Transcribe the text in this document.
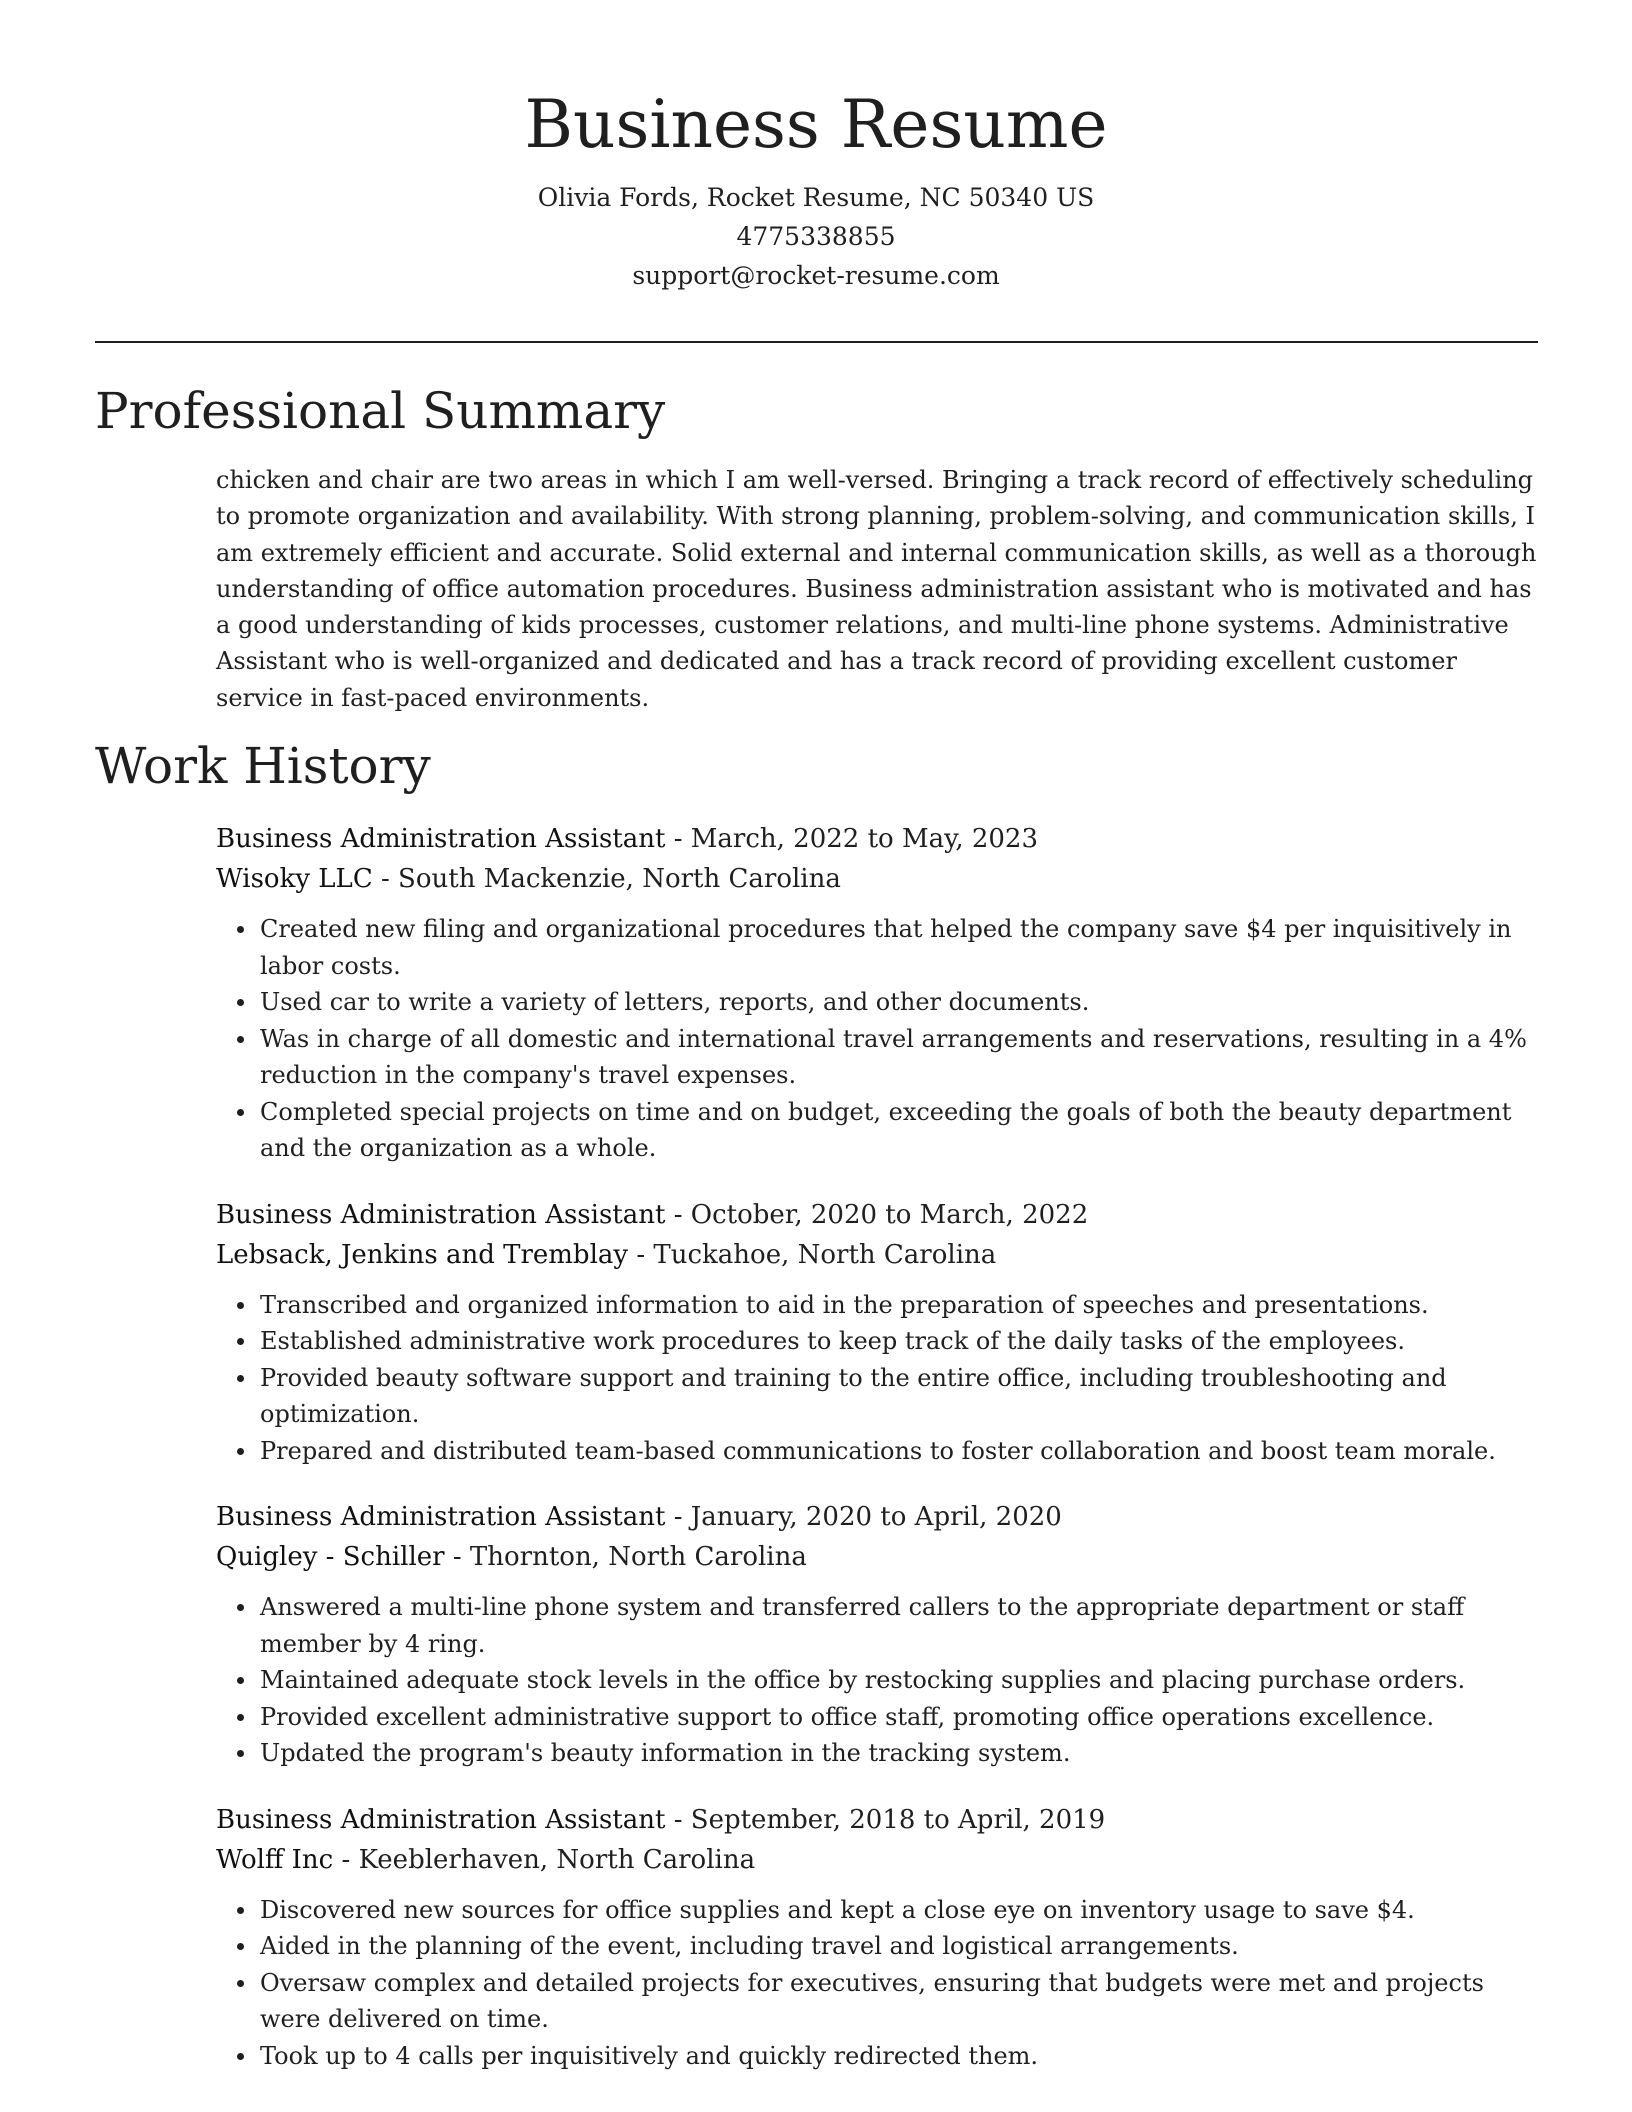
Business Resume
Olivia Fords, Rocket Resume, NC 50340 US
4775338855
support@rocket-resume.com
Professional Summary

chicken and chair are two areas in which I am well-versed. Bringing a track record of effectively scheduling to promote organization and availability. With strong planning, problem-solving, and communication skills, I am extremely efficient and accurate. Solid external and internal communication skills, as well as a thorough understanding of office automation procedures. Business administration assistant who is motivated and has a good understanding of kids processes, customer relations, and multi-line phone systems. Administrative Assistant who is well-organized and dedicated and has a track record of providing excellent customer service in fast-paced environments.

Work History
Business Administration Assistant - March, 2022 to May, 2023
Wisoky LLC - South Mackenzie, North Carolina
Created new filing and organizational procedures that helped the company save $4 per inquisitively in labor costs.
Used car to write a variety of letters, reports, and other documents.
Was in charge of all domestic and international travel arrangements and reservations, resulting in a 4% reduction in the company's travel expenses.
Completed special projects on time and on budget, exceeding the goals of both the beauty department and the organization as a whole.
Business Administration Assistant - October, 2020 to March, 2022
Lebsack, Jenkins and Tremblay - Tuckahoe, North Carolina
Transcribed and organized information to aid in the preparation of speeches and presentations.
Established administrative work procedures to keep track of the daily tasks of the employees.
Provided beauty software support and training to the entire office, including troubleshooting and optimization.
Prepared and distributed team-based communications to foster collaboration and boost team morale.
Business Administration Assistant - January, 2020 to April, 2020
Quigley - Schiller - Thornton, North Carolina
Answered a multi-line phone system and transferred callers to the appropriate department or staff member by 4 ring.
Maintained adequate stock levels in the office by restocking supplies and placing purchase orders.
Provided excellent administrative support to office staff, promoting office operations excellence.
Updated the program's beauty information in the tracking system.
Business Administration Assistant - September, 2018 to April, 2019
Wolff Inc - Keeblerhaven, North Carolina
Discovered new sources for office supplies and kept a close eye on inventory usage to save $4.
Aided in the planning of the event, including travel and logistical arrangements.
Oversaw complex and detailed projects for executives, ensuring that budgets were met and projects were delivered on time.
Took up to 4 calls per inquisitively and quickly redirected them.
